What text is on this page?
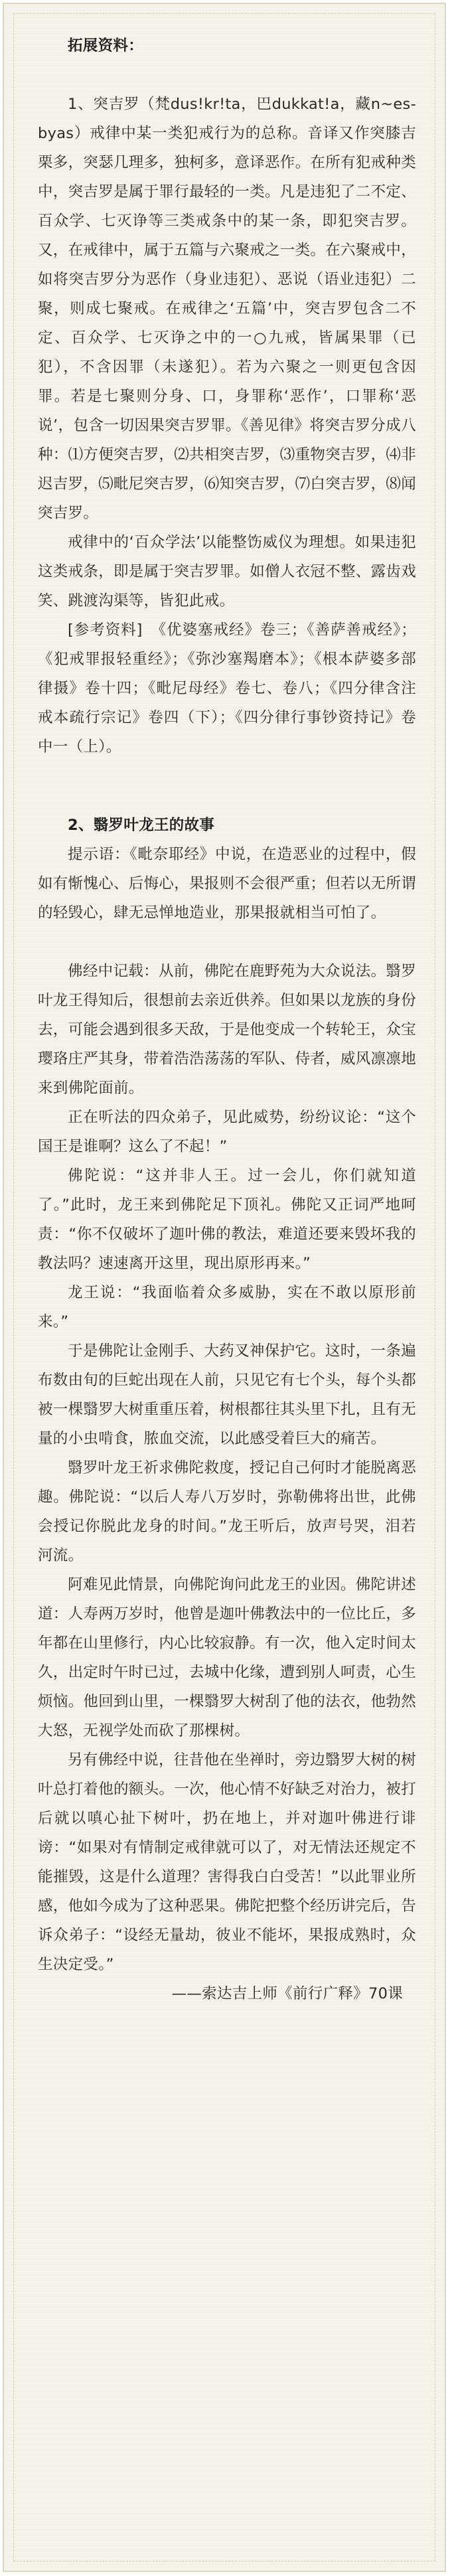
拓展资料：

1、突吉罗（梵dus!kr!ta，巴dukkat!a，藏n~es-byas）戒律中某一类犯戒行为的总称。音译又作突膝吉栗多，突瑟几理多，独柯多，意译恶作。在所有犯戒种类中，突吉罗是属于罪行最轻的一类。凡是违犯了二不定、百众学、七灭诤等三类戒条中的某一条，即犯突吉罗。又，在戒律中，属于五篇与六聚戒之一类。在六聚戒中，如将突吉罗分为恶作（身业违犯）、恶说（语业违犯）二聚，则成七聚戒。在戒律之‘五篇’中，突吉罗包含二不定、百众学、七灭诤之中的一○九戒，皆属果罪（已犯），不含因罪（未遂犯）。若为六聚之一则更包含因罪。若是七聚则分身、口，身罪称‘恶作’，口罪称‘恶说’，包含一切因果突吉罗罪。《善见律》将突吉罗分成八种：⑴方便突吉罗，⑵共相突吉罗，⑶重物突吉罗，⑷非迟吉罗，⑸毗尼突吉罗，⑹知突吉罗，⑺白突吉罗，⑻闻突吉罗。

戒律中的‘百众学法’以能整饬威仪为理想。如果违犯这类戒条，即是属于突吉罗罪。如僧人衣冠不整、露齿戏笑、跳渡沟渠等，皆犯此戒。

[参考资料]　《优婆塞戒经》卷三；《善萨善戒经》；《犯戒罪报轻重经》；《弥沙塞羯磨本》；《根本萨婆多部律摄》卷十四；《毗尼母经》卷七、卷八；《四分律含注戒本疏行宗记》卷四（下）；《四分律行事钞资持记》卷中一（上）。

2、翳罗叶龙王的故事

提示语：《毗奈耶经》中说，在造恶业的过程中，假如有惭愧心、后悔心，果报则不会很严重；但若以无所谓的轻毁心，肆无忌惮地造业，那果报就相当可怕了。

佛经中记载：从前，佛陀在鹿野苑为大众说法。翳罗叶龙王得知后，很想前去亲近供养。但如果以龙族的身份去，可能会遇到很多天敌，于是他变成一个转轮王，众宝璎珞庄严其身，带着浩浩荡荡的军队、侍者，威风凛凛地来到佛陀面前。

正在听法的四众弟子，见此威势，纷纷议论：“这个国王是谁啊？这么了不起！”

佛陀说：“这并非人王。过一会儿，你们就知道了。”此时，龙王来到佛陀足下顶礼。佛陀又正词严地呵责：“你不仅破坏了迦叶佛的教法，难道还要来毁坏我的教法吗？速速离开这里，现出原形再来。”

龙王说：“我面临着众多威胁，实在不敢以原形前来。”

于是佛陀让金刚手、大药叉神保护它。这时，一条遍布数由旬的巨蛇出现在人前，只见它有七个头，每个头都被一棵翳罗大树重重压着，树根都往其头里下扎，且有无量的小虫啃食，脓血交流，以此感受着巨大的痛苦。

翳罗叶龙王祈求佛陀救度，授记自己何时才能脱离恶趣。佛陀说：“以后人寿八万岁时，弥勒佛将出世，此佛会授记你脱此龙身的时间。”龙王听后，放声号哭，泪若河流。

阿难见此情景，向佛陀询问此龙王的业因。佛陀讲述道：人寿两万岁时，他曾是迦叶佛教法中的一位比丘，多年都在山里修行，内心比较寂静。有一次，他入定时间太久，出定时午时已过，去城中化缘，遭到别人呵责，心生烦恼。他回到山里，一棵翳罗大树刮了他的法衣，他勃然大怒，无视学处而砍了那棵树。

另有佛经中说，往昔他在坐禅时，旁边翳罗大树的树叶总打着他的额头。一次，他心情不好缺乏对治力，被打后就以嗔心扯下树叶，扔在地上，并对迦叶佛进行诽谤：“如果对有情制定戒律就可以了，对无情法还规定不能摧毁，这是什么道理？害得我白白受苦！”以此罪业所感，他如今成为了这种恶果。佛陀把整个经历讲完后，告诉众弟子：“设经无量劫，彼业不能坏，果报成熟时，众生决定受。”

——索达吉上师《前行广释》70课
